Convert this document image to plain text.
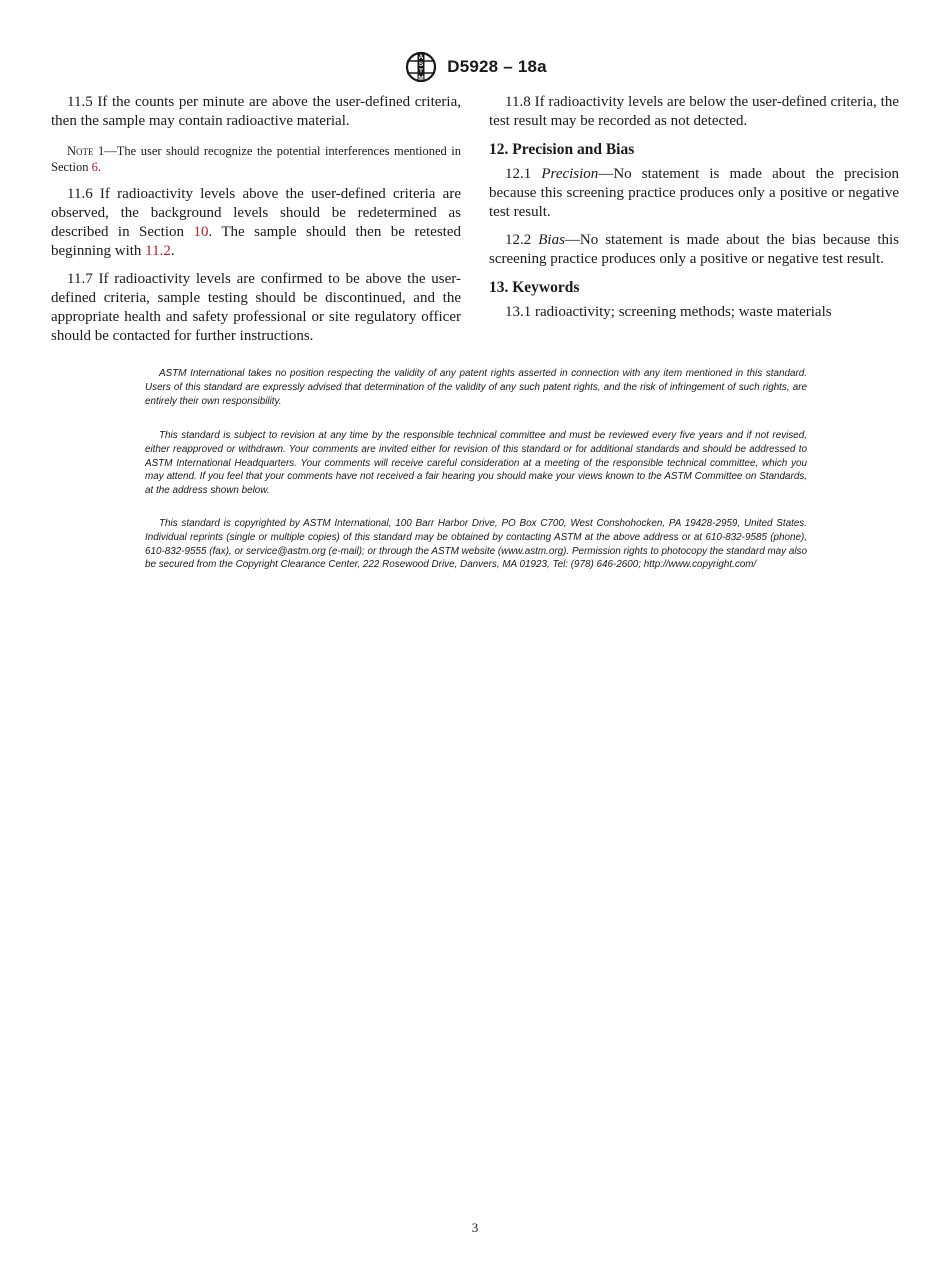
A
S
T
M
D5928 – 18a

11.5 If the counts per minute are above the user-defined criteria, then the sample may contain radioactive material.

Note 1—The user should recognize the potential interferences mentioned in Section 6.

11.6 If radioactivity levels above the user-defined criteria are observed, the background levels should be redetermined as described in Section 10. The sample should then be retested beginning with 11.2.

11.7 If radioactivity levels are confirmed to be above the user-defined criteria, sample testing should be discontinued, and the appropriate health and safety professional or site regulatory officer should be contacted for further instructions.

11.8 If radioactivity levels are below the user-defined criteria, the test result may be recorded as not detected.

12. Precision and Bias

12.1 Precision—No statement is made about the precision because this screening practice produces only a positive or negative test result.

12.2 Bias—No statement is made about the bias because this screening practice produces only a positive or negative test result.

13. Keywords

13.1 radioactivity; screening methods; waste materials

ASTM International takes no position respecting the validity of any patent rights asserted in connection with any item mentioned in this standard. Users of this standard are expressly advised that determination of the validity of any such patent rights, and the risk of infringement of such rights, are entirely their own responsibility.

This standard is subject to revision at any time by the responsible technical committee and must be reviewed every five years and if not revised, either reapproved or withdrawn. Your comments are invited either for revision of this standard or for additional standards and should be addressed to ASTM International Headquarters. Your comments will receive careful consideration at a meeting of the responsible technical committee, which you may attend. If you feel that your comments have not received a fair hearing you should make your views known to the ASTM Committee on Standards, at the address shown below.

This standard is copyrighted by ASTM International, 100 Barr Harbor Drive, PO Box C700, West Conshohocken, PA 19428-2959, United States. Individual reprints (single or multiple copies) of this standard may be obtained by contacting ASTM at the above address or at 610-832-9585 (phone), 610-832-9555 (fax), or service@astm.org (e-mail); or through the ASTM website (www.astm.org). Permission rights to photocopy the standard may also be secured from the Copyright Clearance Center, 222 Rosewood Drive, Danvers, MA 01923, Tel: (978) 646-2600; http://www.copyright.com/

3
